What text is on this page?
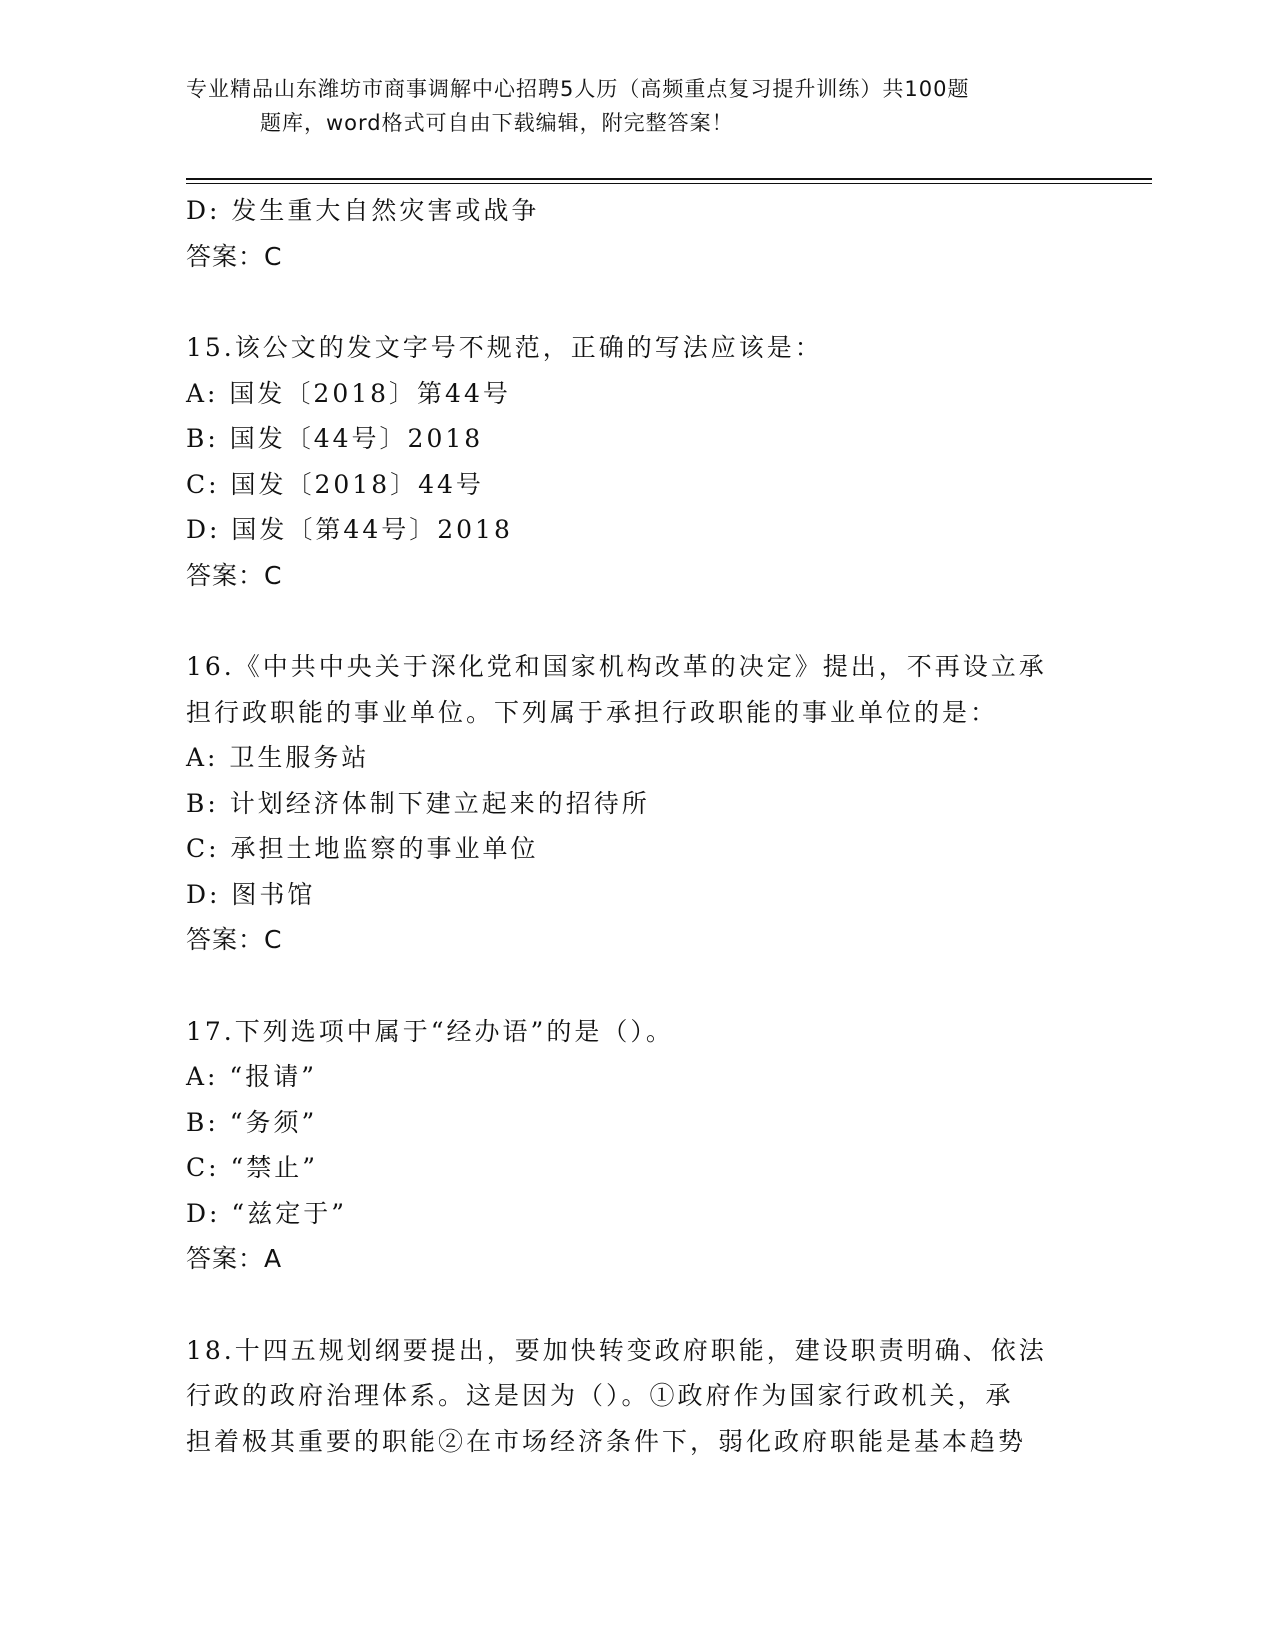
专业精品山东潍坊市商事调解中心招聘5人历（高频重点复习提升训练）共100题
题库，word格式可自由下载编辑，附完整答案！
D: 发生重大自然灾害或战争
答案：C
15.该公文的发文字号不规范，正确的写法应该是：
A: 国发〔2018〕第44号
B: 国发〔44号〕2018
C: 国发〔2018〕44号
D: 国发〔第44号〕2018
答案：C
16.《中共中央关于深化党和国家机构改革的决定》提出，不再设立承
担行政职能的事业单位。下列属于承担行政职能的事业单位的是：
A: 卫生服务站
B: 计划经济体制下建立起来的招待所
C: 承担土地监察的事业单位
D: 图书馆
答案：C
17.下列选项中属于“经办语”的是（）。
A: “报请”
B: “务须”
C: “禁止”
D: “兹定于”
答案：A
18.十四五规划纲要提出，要加快转变政府职能，建设职责明确、依法
行政的政府治理体系。这是因为（）。①政府作为国家行政机关，承
担着极其重要的职能②在市场经济条件下，弱化政府职能是基本趋势
